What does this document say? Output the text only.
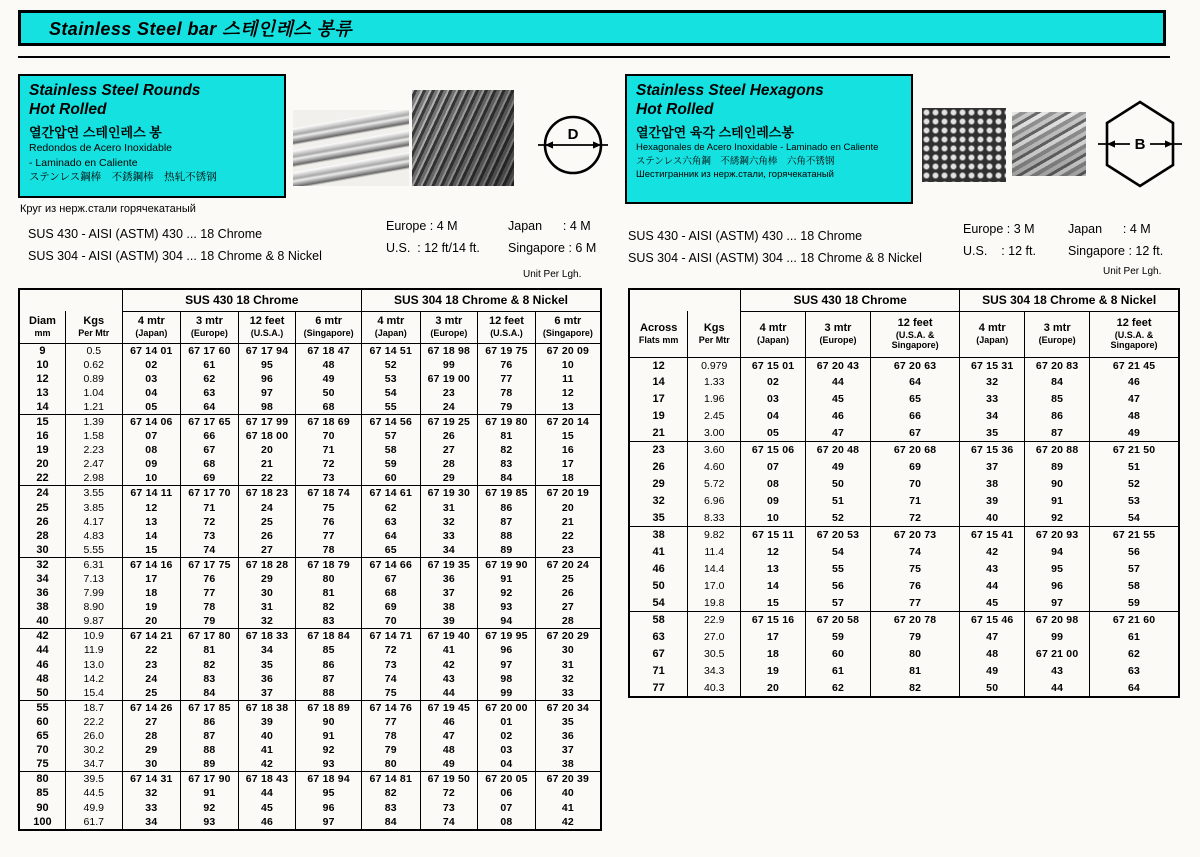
Stainless Steel bar 스테인레스 봉류
Stainless Steel Rounds
Hot Rolled
열간압연 스테인레스 봉
Redondos de Acero Inoxidable
- Laminado en Caliente
ステンレス鋼棒　不銹鋼棒　热轧不锈钢
Круг из нерж.стали горячекатаный
D
SUS 430 - AISI (ASTM) 430 ... 18 Chrome
SUS 304 - AISI (ASTM) 304 ... 18 Chrome & 8 Nickel
Europe : 4 M	Japan      : 4 M
U.S.  : 12 ft/14 ft. Singapore : 6 M
Unit Per Lgh.
Stainless Steel Hexagons
Hot Rolled
열간압연 육각 스테인레스봉
Hexagonales de Acero Inoxidable - Laminado en Caliente
ステンレス六角鋼　不綉鋼六角棒　六角不锈钢
Шестигранник из нерж.стали, горячекатаный
B
SUS 430 - AISI (ASTM) 430 ... 18 Chrome
SUS 304 - AISI (ASTM) 304 ... 18 Chrome & 8 Nickel
Europe : 3 M	Japan      : 4 M
U.S.    : 12 ft.	Singapore : 12 ft.
Unit Per Lgh.
		SUS 430 18 Chrome				SUS 304 18 Chrome & 8 Nickel			

Diam
mm

Kgs
Per Mtr

4 mtr
(Japan)

3 mtr
(Europe)

12 feet
(U.S.A.)

6 mtr
(Singapore)

4 mtr
(Japan)

3 mtr
(Europe)

12 feet
(U.S.A.)

6 mtr
(Singapore)

9	0.5	67 14 01	67 17 60	67 17 94	67 18 47	67 14 51	67 18 98	67 19 75	67 20 09
10	0.62	02	61	95	48	52	99	76	10
12	0.89	03	62	96	49	53	67 19 00	77	11
13	1.04	04	63	97	50	54	23	78	12
14	1.21	05	64	98	68	55	24	79	13
15	1.39	67 14 06	67 17 65	67 17 99	67 18 69	67 14 56	67 19 25	67 19 80	67 20 14
16	1.58	07	66	67 18 00	70	57	26	81	15
19	2.23	08	67	20	71	58	27	82	16
20	2.47	09	68	21	72	59	28	83	17
22	2.98	10	69	22	73	60	29	84	18
24	3.55	67 14 11	67 17 70	67 18 23	67 18 74	67 14 61	67 19 30	67 19 85	67 20 19
25	3.85	12	71	24	75	62	31	86	20
26	4.17	13	72	25	76	63	32	87	21
28	4.83	14	73	26	77	64	33	88	22
30	5.55	15	74	27	78	65	34	89	23
32	6.31	67 14 16	67 17 75	67 18 28	67 18 79	67 14 66	67 19 35	67 19 90	67 20 24
34	7.13	17	76	29	80	67	36	91	25
36	7.99	18	77	30	81	68	37	92	26
38	8.90	19	78	31	82	69	38	93	27
40	9.87	20	79	32	83	70	39	94	28
42	10.9	67 14 21	67 17 80	67 18 33	67 18 84	67 14 71	67 19 40	67 19 95	67 20 29
44	11.9	22	81	34	85	72	41	96	30
46	13.0	23	82	35	86	73	42	97	31
48	14.2	24	83	36	87	74	43	98	32
50	15.4	25	84	37	88	75	44	99	33
55	18.7	67 14 26	67 17 85	67 18 38	67 18 89	67 14 76	67 19 45	67 20 00	67 20 34
60	22.2	27	86	39	90	77	46	01	35
65	26.0	28	87	40	91	78	47	02	36
70	30.2	29	88	41	92	79	48	03	37
75	34.7	30	89	42	93	80	49	04	38
80	39.5	67 14 31	67 17 90	67 18 43	67 18 94	67 14 81	67 19 50	67 20 05	67 20 39
85	44.5	32	91	44	95	82	72	06	40
90	49.9	33	92	45	96	83	73	07	41
100	61.7	34	93	46	97	84	74	08	42
		SUS 430 18 Chrome			SUS 304 18 Chrome & 8 Nickel		

Across
Flats mm

Kgs
Per Mtr

4 mtr
(Japan)

3 mtr
(Europe)

12 feet
(U.S.A. &
Singapore)

4 mtr
(Japan)

3 mtr
(Europe)

12 feet
(U.S.A. &
Singapore)

12	0.979	67 15 01	67 20 43	67 20 63	67 15 31	67 20 83	67 21 45
14	1.33	02	44	64	32	84	46
17	1.96	03	45	65	33	85	47
19	2.45	04	46	66	34	86	48
21	3.00	05	47	67	35	87	49
23	3.60	67 15 06	67 20 48	67 20 68	67 15 36	67 20 88	67 21 50
26	4.60	07	49	69	37	89	51
29	5.72	08	50	70	38	90	52
32	6.96	09	51	71	39	91	53
35	8.33	10	52	72	40	92	54
38	9.82	67 15 11	67 20 53	67 20 73	67 15 41	67 20 93	67 21 55
41	11.4	12	54	74	42	94	56
46	14.4	13	55	75	43	95	57
50	17.0	14	56	76	44	96	58
54	19.8	15	57	77	45	97	59
58	22.9	67 15 16	67 20 58	67 20 78	67 15 46	67 20 98	67 21 60
63	27.0	17	59	79	47	99	61
67	30.5	18	60	80	48	67 21 00	62
71	34.3	19	61	81	49	43	63
77	40.3	20	62	82	50	44	64
